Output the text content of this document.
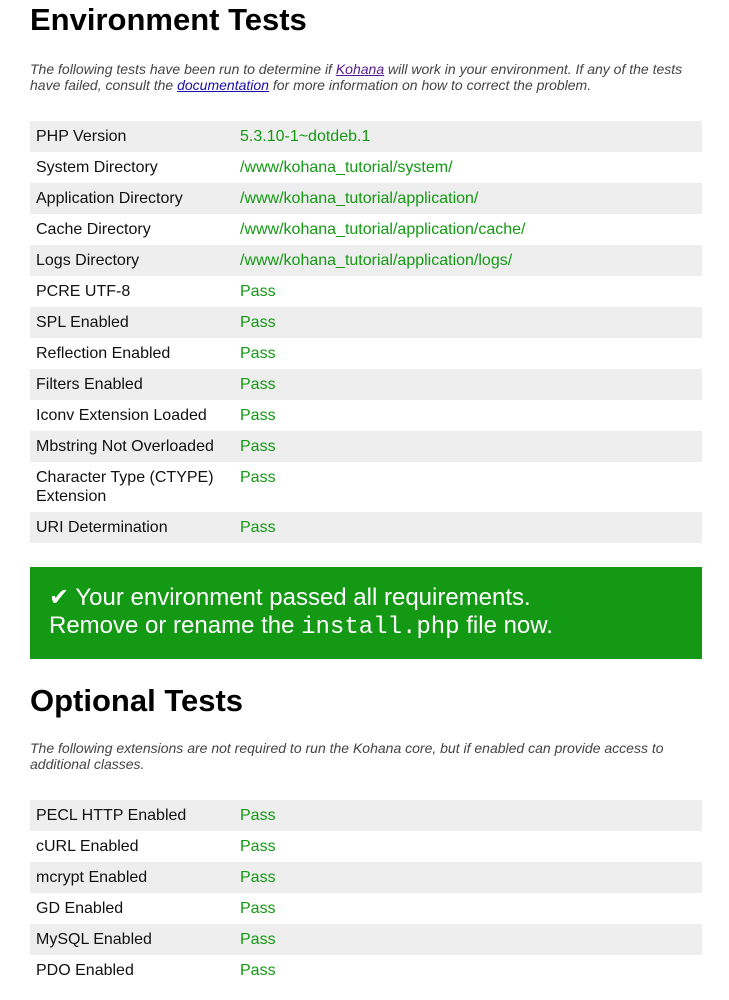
Environment Tests

The following tests have been run to determine if Kohana will work in your environment. If any of the tests have failed, consult the documentation for more information on how to correct the problem.

PHP Version	5.3.10-1~dotdeb.1
System Directory	/www/kohana_tutorial/system/
Application Directory	/www/kohana_tutorial/application/
Cache Directory	/www/kohana_tutorial/application/cache/
Logs Directory	/www/kohana_tutorial/application/logs/
PCRE UTF-8	Pass
SPL Enabled	Pass
Reflection Enabled	Pass
Filters Enabled	Pass
Iconv Extension Loaded	Pass
Mbstring Not Overloaded	Pass
Character Type (CTYPE) Extension	Pass
URI Determination	Pass
✔ Your environment passed all requirements.
Remove or rename the install.php file now.
Optional Tests

The following extensions are not required to run the Kohana core, but if enabled can provide access to additional classes.

PECL HTTP Enabled	Pass
cURL Enabled	Pass
mcrypt Enabled	Pass
GD Enabled	Pass
MySQL Enabled	Pass
PDO Enabled	Pass
